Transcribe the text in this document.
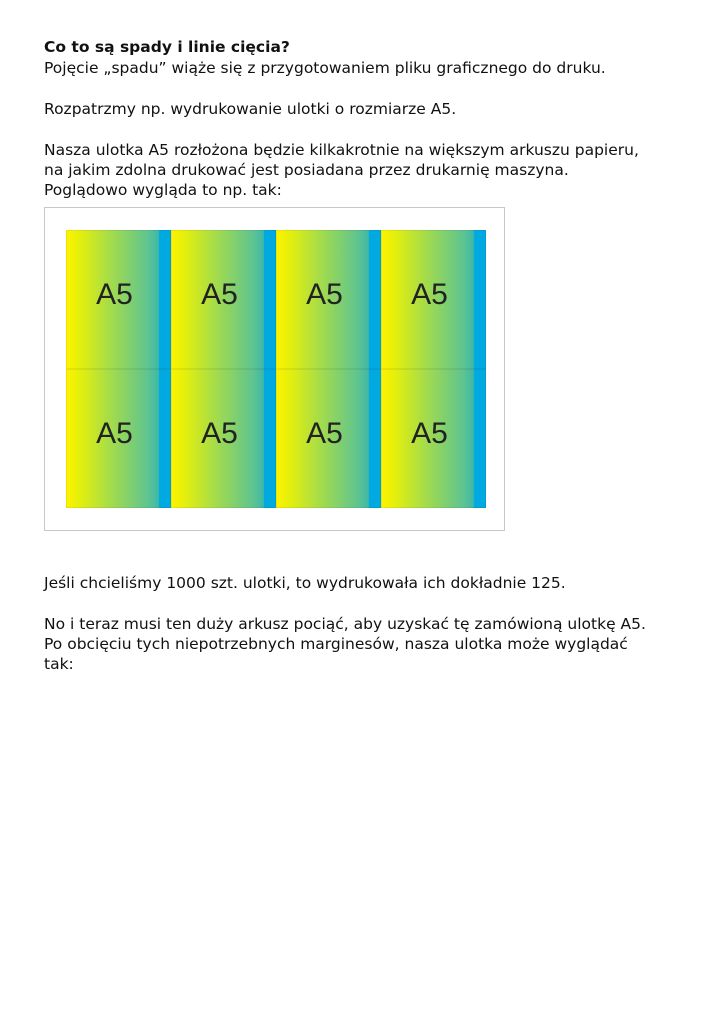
Co to są spady i linie cięcia?

Pojęcie „spadu” wiąże się z przygotowaniem pliku graficznego do druku.

Rozpatrzmy np. wydrukowanie ulotki o rozmiarze A5.

Nasza ulotka A5 rozłożona będzie kilkakrotnie na większym arkuszu papieru,

na jakim zdolna drukować jest posiadana przez drukarnię maszyna.

Poglądowo wygląda to np. tak:

A5 A5 A5 A5
A5 A5 A5 A5

Jeśli chcieliśmy 1000 szt. ulotki, to wydrukowała ich dokładnie 125.

No i teraz musi ten duży arkusz pociąć, aby uzyskać tę zamówioną ulotkę A5.

Po obcięciu tych niepotrzebnych marginesów, nasza ulotka może wyglądać

tak:
